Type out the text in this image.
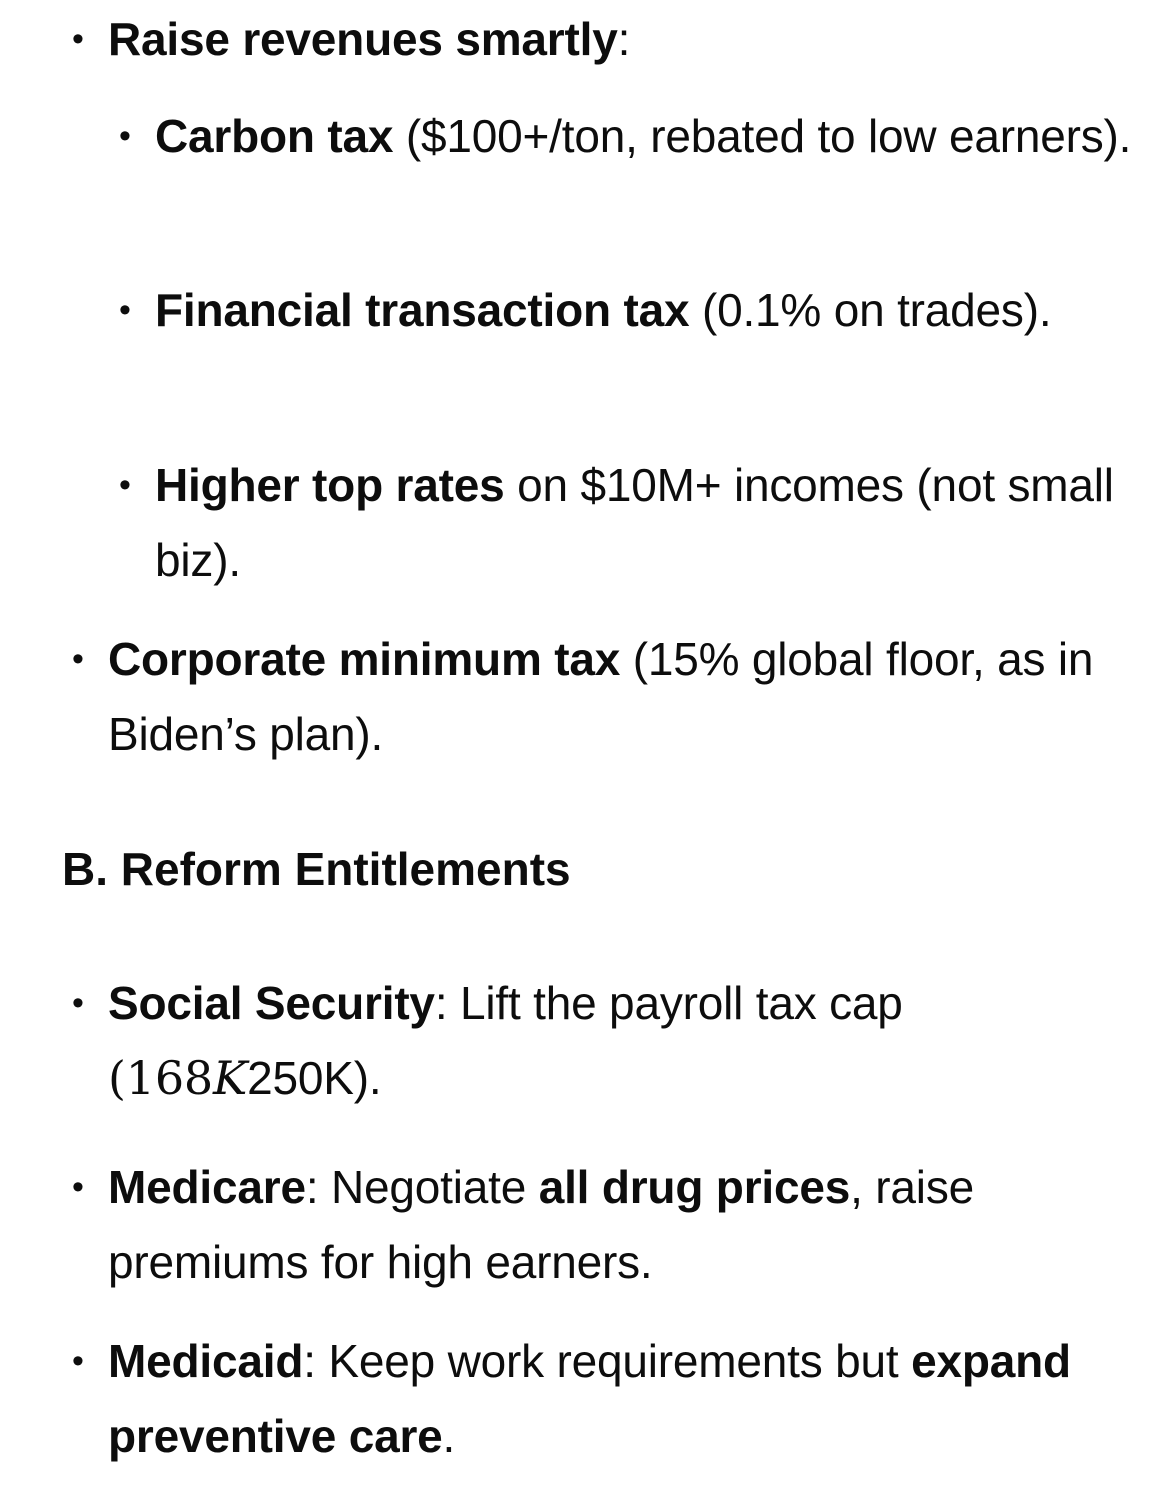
• Raise revenues smartly:
• Carbon tax ($100+/ton, rebated to low earners).
• Financial transaction tax (0.1% on trades).
• Higher top rates on $10M+ incomes (not small biz).
• Corporate minimum tax (15% global floor, as in Biden’s plan).
B. Reform Entitlements
• Social Security: Lift the payroll tax cap
(168K250K).
• Medicare: Negotiate all drug prices, raise premiums for high earners.
• Medicaid: Keep work requirements but expand preventive care.
